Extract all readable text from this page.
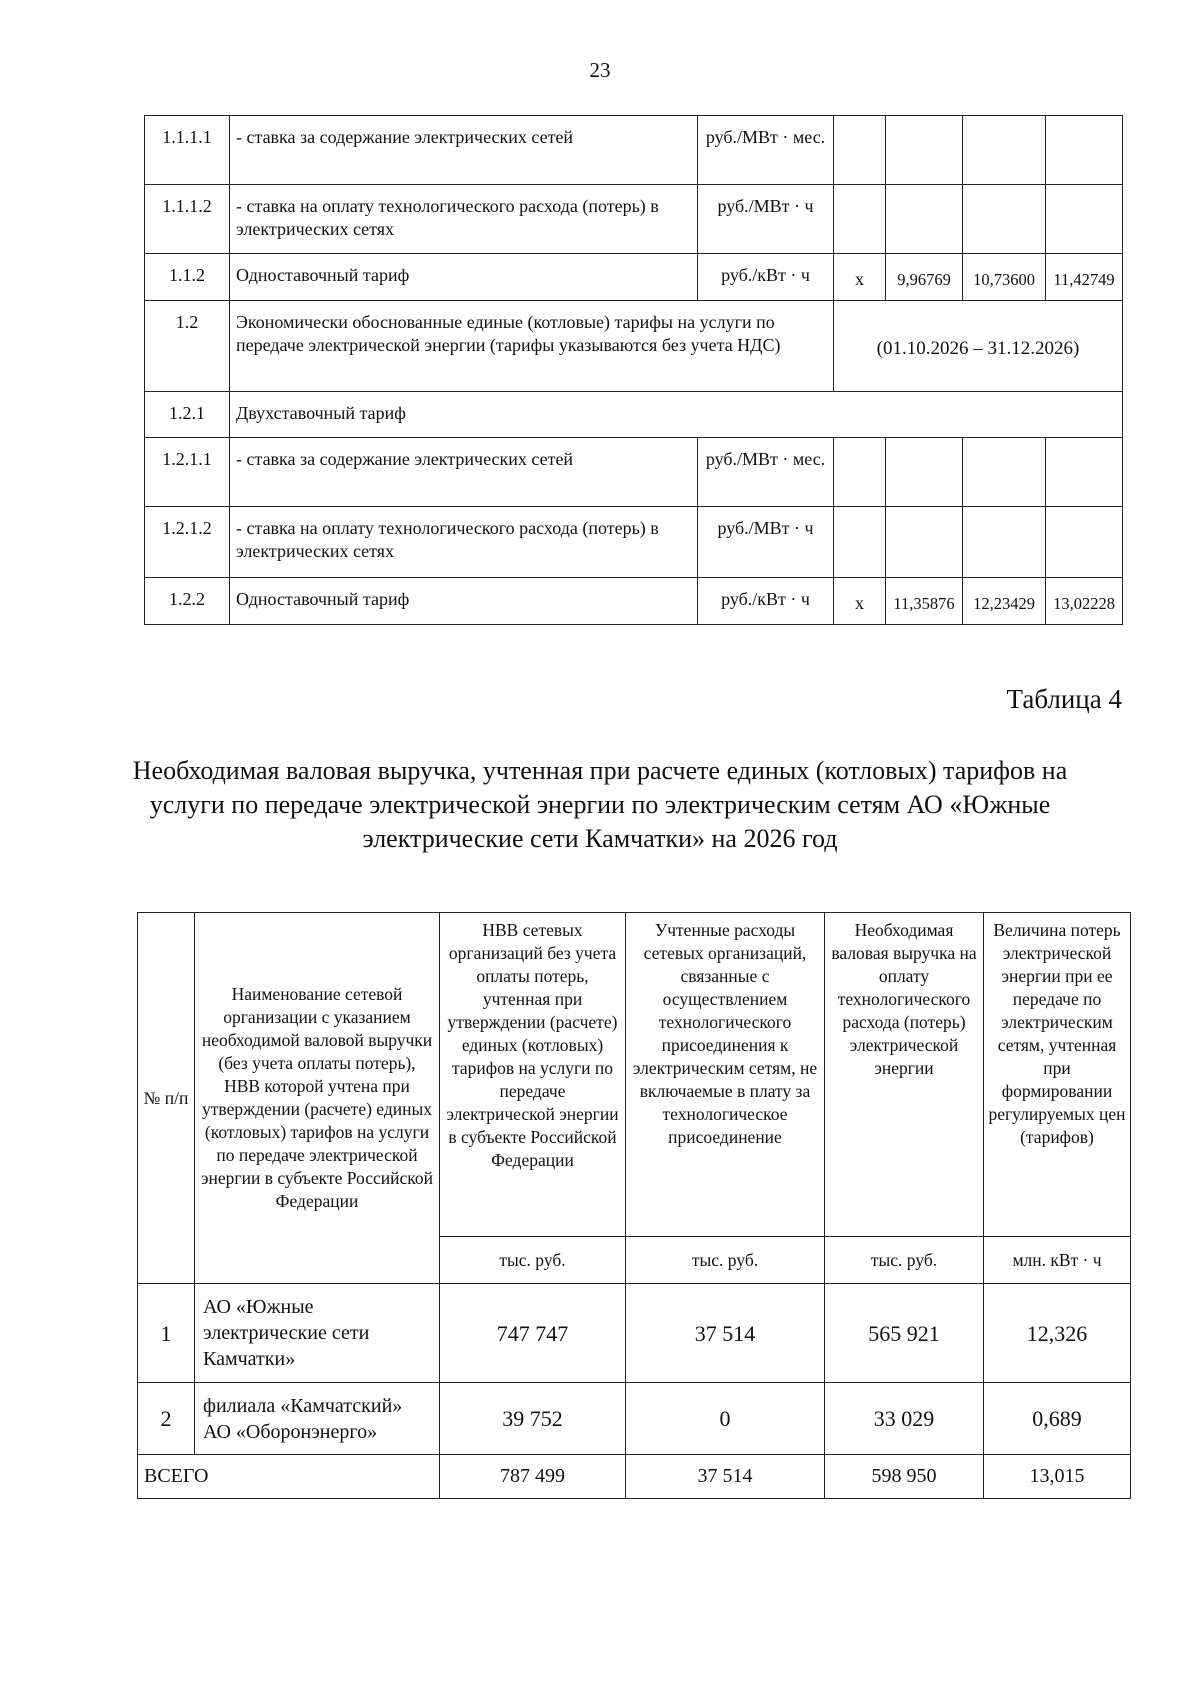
23
1.1.1.1	- ставка за содержание электрических сетей	руб./МВт · мес.				
1.1.1.2	- ставка на оплату технологического расхода (потерь) в электрических сетях	руб./МВт · ч				
1.1.2	Одноставочный тариф	руб./кВт · ч	х	9,96769	10,73600	11,42749
1.2	Экономически обоснованные единые (котловые) тарифы на услуги по передаче электрической энергии (тарифы указываются без учета НДС)		(01.10.2026 – 31.12.2026)			
1.2.1	Двухставочный тариф					
1.2.1.1	- ставка за содержание электрических сетей	руб./МВт · мес.				
1.2.1.2	- ставка на оплату технологического расхода (потерь) в электрических сетях	руб./МВт · ч				
1.2.2	Одноставочный тариф	руб./кВт · ч	х	11,35876	12,23429	13,02228
Таблица 4
Необходимая валовая выручка, учтенная при расчете единых (котловых) тарифов на услуги по передаче электрической энергии по электрическим сетям АО «Южные электрические сети Камчатки» на 2026 год
№ п/п	Наименование сетевой организации с указанием необходимой валовой выручки (без учета оплаты потерь), НВВ которой учтена при утверждении (расчете) единых (котловых) тарифов на услуги по передаче электрической энергии в субъекте Российской Федерации	НВВ сетевых организаций без учета оплаты потерь, учтенная при утверждении (расчете) единых (котловых) тарифов на услуги по передаче электрической энергии в субъекте Российской Федерации	Учтенные расходы сетевых организаций, связанные с осуществлением технологического присоединения к электрическим сетям, не включаемые в плату за технологическое присоединение	Необходимая валовая выручка на оплату технологического расхода (потерь) электрической энергии	Величина потерь электрической энергии при ее передаче по электрическим сетям, учтенная при формировании регулируемых цен (тарифов)
		тыс. руб.	тыс. руб.	тыс. руб.	млн. кВт · ч
1	АО «Южные электрические сети Камчатки»	747 747	37 514	565 921	12,326
2	филиала «Камчатский» АО «Оборонэнерго»	39 752	0	33 029	0,689
ВСЕГО		787 499	37 514	598 950	13,015
